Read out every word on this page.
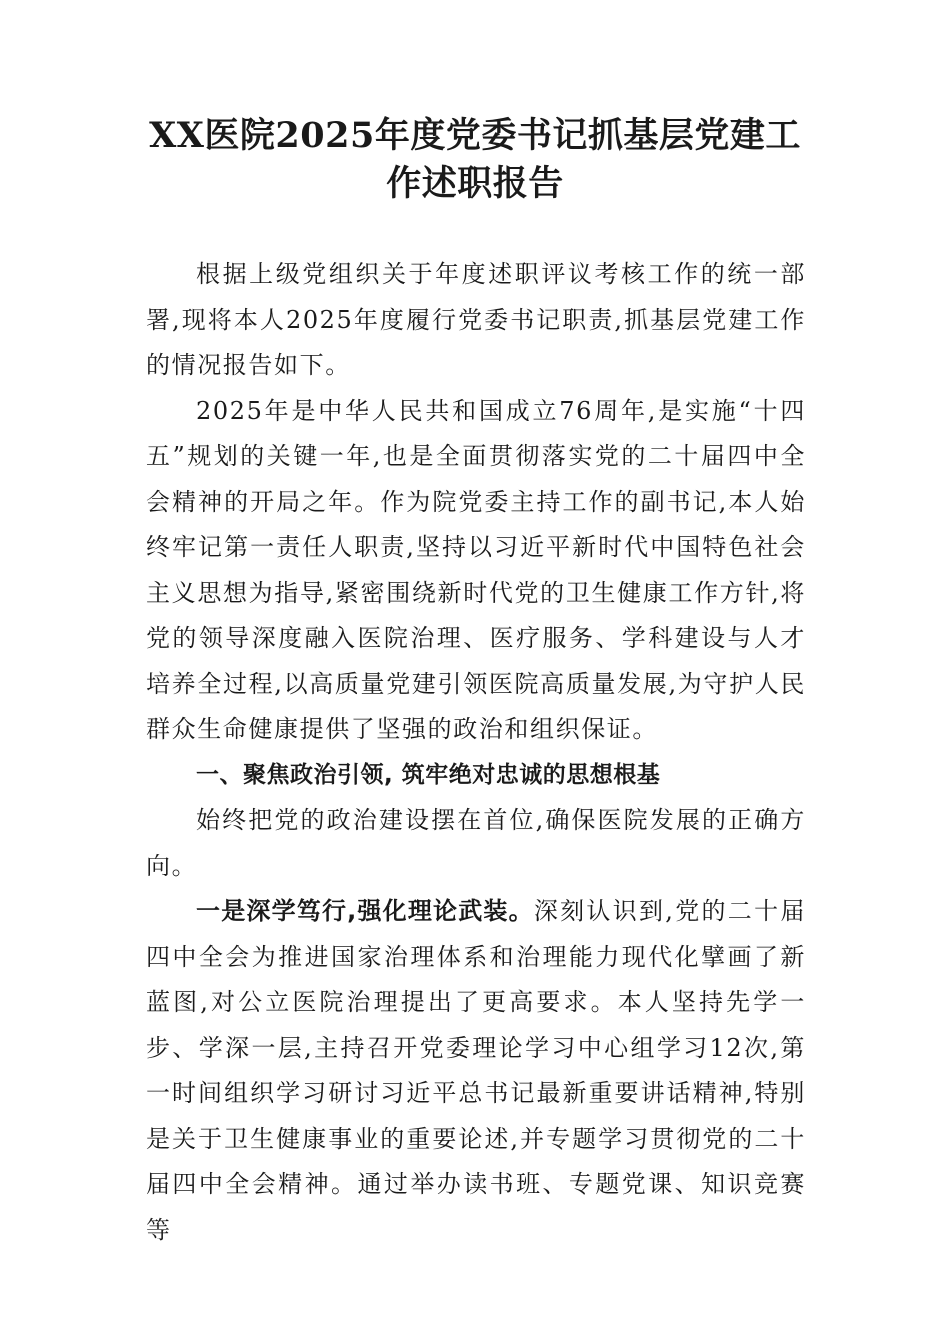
XX医院2025年度党委书记抓基层党建工作述职报告

根据上级党组织关于年度述职评议考核工作的统一部署,现将本人2025年度履行党委书记职责,抓基层党建工作的情况报告如下。

2025年是中华人民共和国成立76周年,是实施“十四五”规划的关键一年,也是全面贯彻落实党的二十届四中全会精神的开局之年。作为院党委主持工作的副书记,本人始终牢记第一责任人职责,坚持以习近平新时代中国特色社会主义思想为指导,紧密围绕新时代党的卫生健康工作方针,将党的领导深度融入医院治理、医疗服务、学科建设与人才培养全过程,以高质量党建引领医院高质量发展,为守护人民群众生命健康提供了坚强的政治和组织保证。

一、聚焦政治引领, 筑牢绝对忠诚的思想根基

始终把党的政治建设摆在首位,确保医院发展的正确方向。

一是深学笃行,强化理论武装。深刻认识到,党的二十届四中全会为推进国家治理体系和治理能力现代化擘画了新蓝图,对公立医院治理提出了更高要求。本人坚持先学一步、学深一层,主持召开党委理论学习中心组学习12次,第一时间组织学习研讨习近平总书记最新重要讲话精神,特别是关于卫生健康事业的重要论述,并专题学习贯彻党的二十届四中全会精神。通过举办读书班、专题党课、知识竞赛等
